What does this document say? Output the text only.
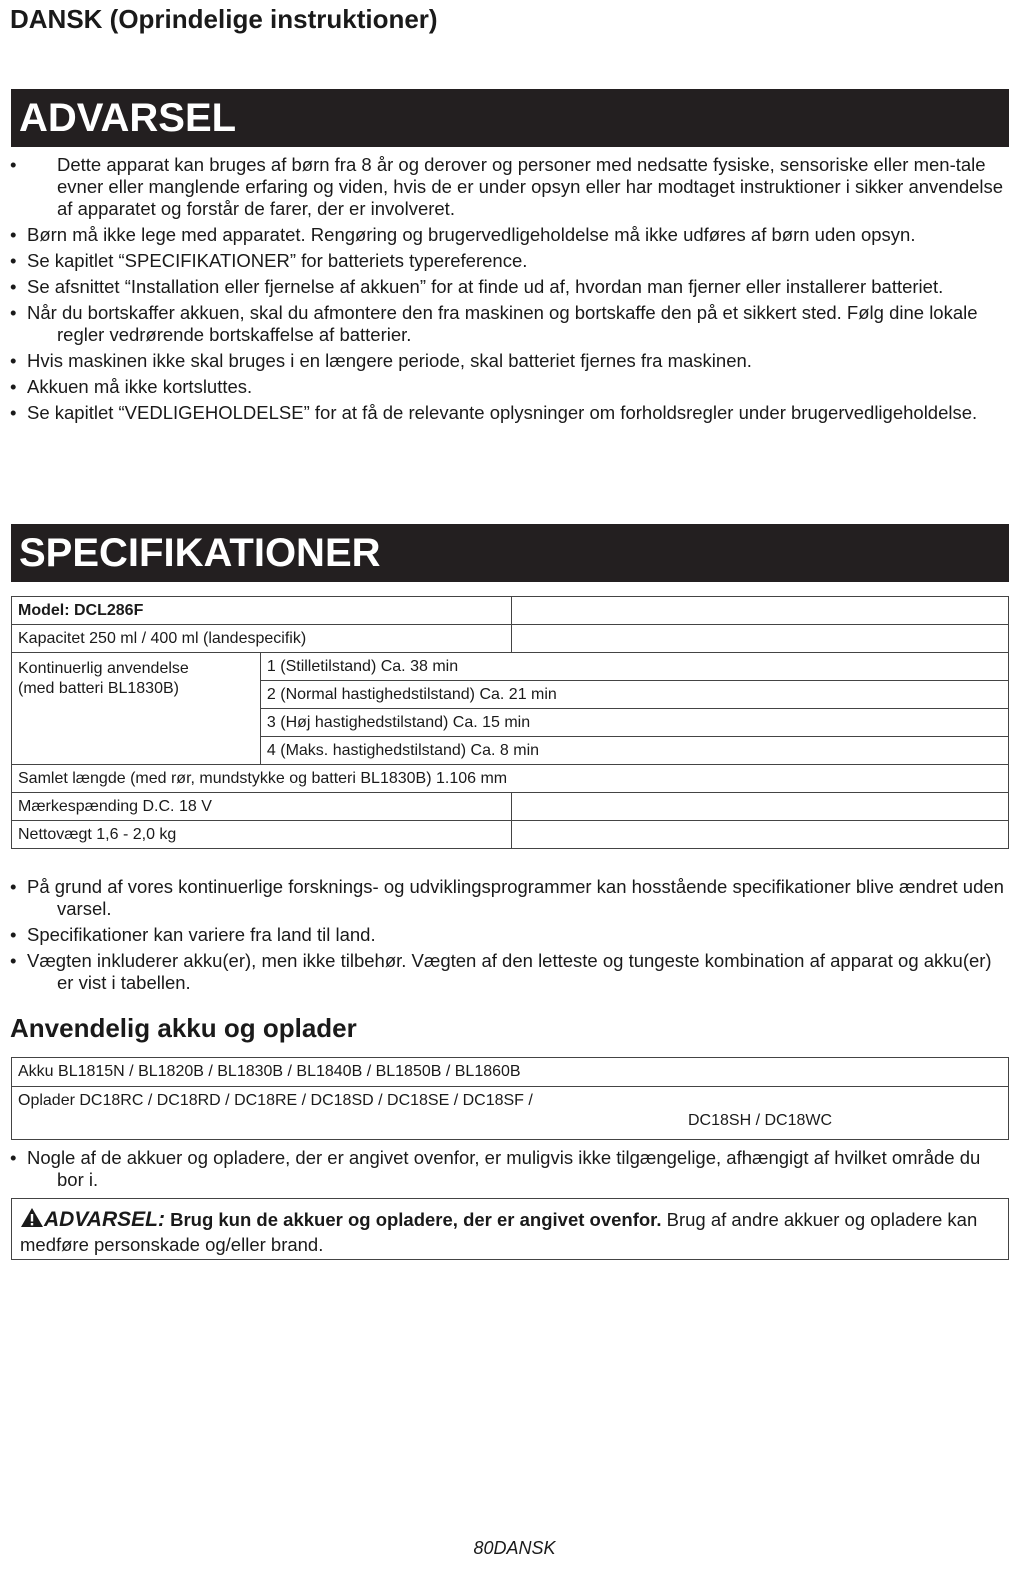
DANSK (Oprindelige instruktioner)
ADVARSEL
• Dette apparat kan bruges af børn fra 8 år og derover og personer med nedsatte fysiske, sensoriske eller men-tale evner eller manglende erfaring og viden, hvis de er under opsyn eller har modtaget instruktioner i sikker anvendelse af apparatet og forstår de farer, der er involveret.
• Børn må ikke lege med apparatet. Rengøring og brugervedligeholdelse må ikke udføres af børn uden opsyn.
• Se kapitlet “SPECIFIKATIONER” for batteriets typereference.
• Se afsnittet “Installation eller fjernelse af akkuen” for at finde ud af, hvordan man fjerner eller installerer batteriet.
• Når du bortskaffer akkuen, skal du afmontere den fra maskinen og bortskaffe den på et sikkert sted. Følg dine lokale regler vedrørende bortskaffelse af batterier.
• Hvis maskinen ikke skal bruges i en længere periode, skal batteriet fjernes fra maskinen.
• Akkuen må ikke kortsluttes.
• Se kapitlet “VEDLIGEHOLDELSE” for at få de relevante oplysninger om forholdsregler under brugervedligeholdelse.
SPECIFIKATIONER
Model: DCL286F		
Kapacitet 250 ml / 400 ml (landespecifik)		
Kontinuerlig anvendelse
(med batteri BL1830B)	1 (Stilletilstand) Ca. 38 min	
	2 (Normal hastighedstilstand) Ca. 21 min	
	3 (Høj hastighedstilstand) Ca. 15 min	
	4 (Maks. hastighedstilstand) Ca. 8 min	
Samlet længde (med rør, mundstykke og batteri BL1830B) 1.106 mm		
Mærkespænding D.C. 18 V		
Nettovægt 1,6 - 2,0 kg		
• På grund af vores kontinuerlige forsknings- og udviklingsprogrammer kan hosstående specifikationer blive ændret uden varsel.
• Specifikationer kan variere fra land til land.
• Vægten inkluderer akku(er), men ikke tilbehør. Vægten af den letteste og tungeste kombination af apparat og akku(er) er vist i tabellen.
Anvendelig akku og oplader
Akku BL1815N / BL1820B / BL1830B / BL1840B / BL1850B / BL1860B
Oplader DC18RC / DC18RD / DC18RE / DC18SD / DC18SE / DC18SF /
DC18SH / DC18WC
• Nogle af de akkuer og opladere, der er angivet ovenfor, er muligvis ikke tilgængelige, afhængigt af hvilket område du bor i.
ADVARSEL: Brug kun de akkuer og opladere, der er angivet ovenfor. Brug af andre akkuer og opladere kan medføre personskade og/eller brand.
80DANSK
